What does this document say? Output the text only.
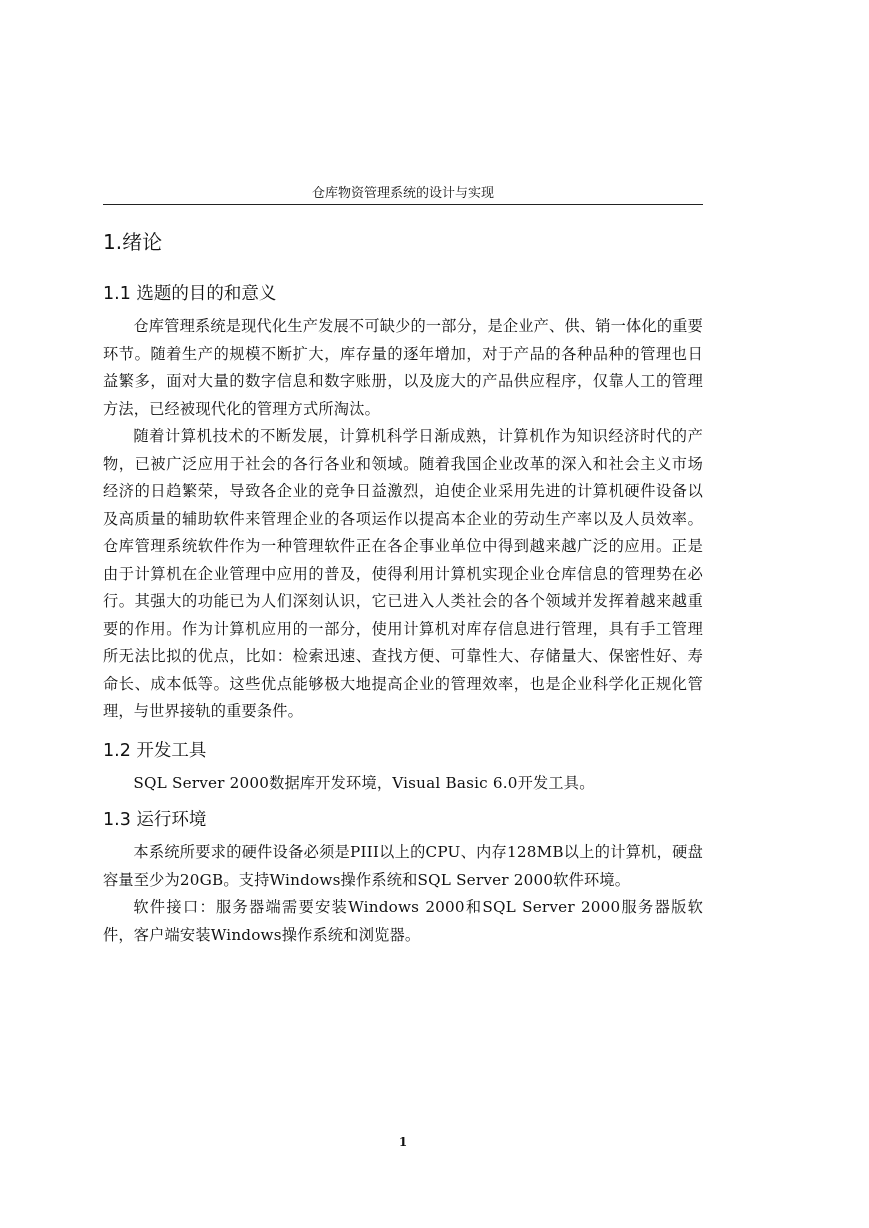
仓库物资管理系统的设计与实现
1.绪论
1.1 选题的目的和意义

仓库管理系统是现代化生产发展不可缺少的一部分，是企业产、供、销一体化的重要环节。随着生产的规模不断扩大，库存量的逐年增加，对于产品的各种品种的管理也日益繁多，面对大量的数字信息和数字账册，以及庞大的产品供应程序，仅靠人工的管理方法，已经被现代化的管理方式所淘汰。

随着计算机技术的不断发展，计算机科学日渐成熟，计算机作为知识经济时代的产物，已被广泛应用于社会的各行各业和领域。随着我国企业改革的深入和社会主义市场经济的日趋繁荣，导致各企业的竞争日益激烈，迫使企业采用先进的计算机硬件设备以及高质量的辅助软件来管理企业的各项运作以提高本企业的劳动生产率以及人员效率。仓库管理系统软件作为一种管理软件正在各企事业单位中得到越来越广泛的应用。正是由于计算机在企业管理中应用的普及，使得利用计算机实现企业仓库信息的管理势在必行。其强大的功能已为人们深刻认识，它已进入人类社会的各个领域并发挥着越来越重要的作用。作为计算机应用的一部分，使用计算机对库存信息进行管理，具有手工管理所无法比拟的优点，比如：检索迅速、查找方便、可靠性大、存储量大、保密性好、寿命长、成本低等。这些优点能够极大地提高企业的管理效率，也是企业科学化正规化管理，与世界接轨的重要条件。

1.2 开发工具

SQL Server 2000数据库开发环境，Visual Basic 6.0开发工具。

1.3 运行环境

本系统所要求的硬件设备必须是PIII以上的CPU、内存128MB以上的计算机，硬盘容量至少为20GB。支持Windows操作系统和SQL Server 2000软件环境。

软件接口：服务器端需要安装Windows 2000和SQL Server 2000服务器版软件，客户端安装Windows操作系统和浏览器。

1
